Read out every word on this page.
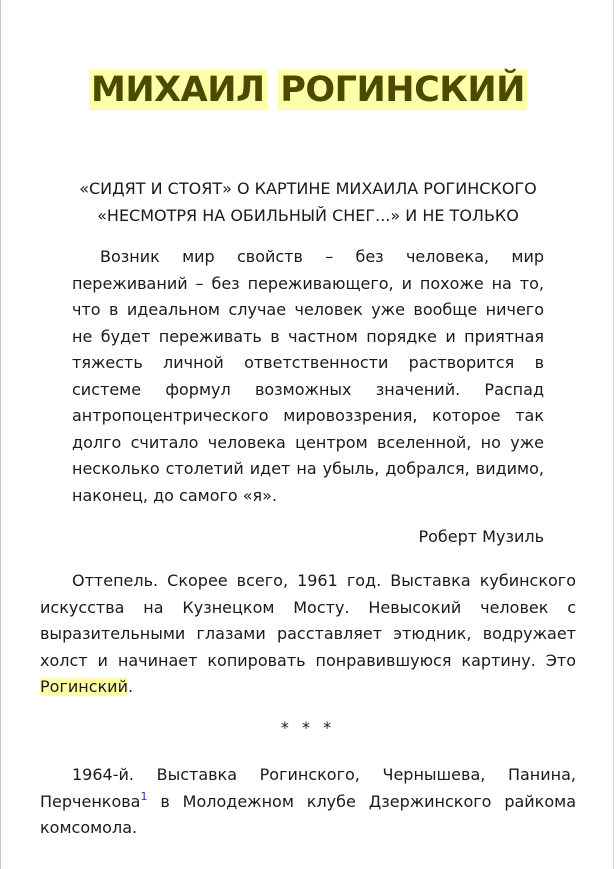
МИХАИЛ РОГИНСКИЙ
«СИДЯТ И СТОЯТ» О КАРТИНЕ МИХАИЛА РОГИНСКОГО
«НЕСМОТРЯ НА ОБИЛЬНЫЙ СНЕГ...» И НЕ ТОЛЬКО

Возник мир свойств – без человека, мир переживаний – без переживающего, и похоже на то, что в идеальном случае человек уже вообще ничего не будет переживать в частном порядке и приятная тяжесть личной ответственности растворится в системе формул возможных значений. Распад антропоцентрического мировоззрения, которое так долго считало человека центром вселенной, но уже несколько столетий идет на убыль, добрался, видимо, наконец, до самого «я».

Роберт Музиль

Оттепель. Скорее всего, 1961 год. Выставка кубинского искусства на Кузнецком Мосту. Невысокий человек с выразительными глазами расставляет этюдник, водружает холст и начинает копировать понравившуюся картину. Это Рогинский.

* * *

1964-й. Выставка Рогинского, Чернышева, Панина, Перченкова$^1$ в Молодежном клубе Дзержинского райкома комсомола.
